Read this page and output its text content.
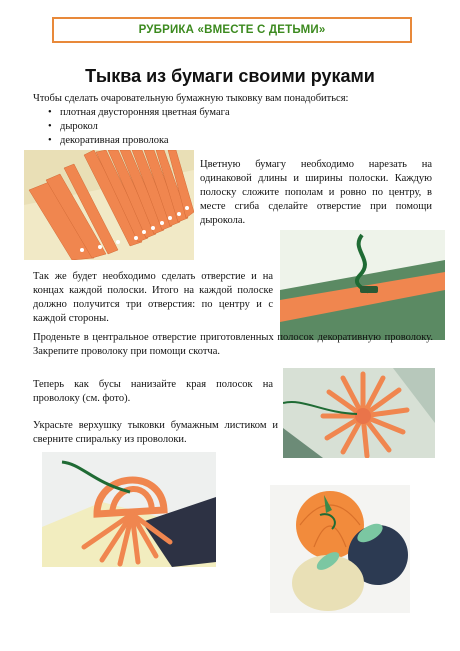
РУБРИКА «ВМЕСТЕ С ДЕТЬМИ»
Тыква из бумаги своими руками
Чтобы сделать очаровательную бумажную тыковку вам понадобиться:
• плотная двусторонняя цветная бумага
• дырокол
• декоративная проволока
Цветную бумагу необходимо нарезать на одинаковой длины и ширины полоски. Каждую полоску сложите пополам и ровно по центру, в месте сгиба сделайте отверстие при помощи дырокола.
Так же будет необходимо сделать отверстие и на концах каждой полоски. Итого на каждой полоске должно получится три отверстия: по центру и с каждой стороны.
Проденьте в центральное отверстие приготовленных полосок декоративную проволоку. Закрепите проволоку при помощи скотча.
Теперь как бусы нанизайте края полосок на проволоку (см. фото).
Украсьте верхушку тыковки бумажным листиком и сверните спиральку из проволоки.
